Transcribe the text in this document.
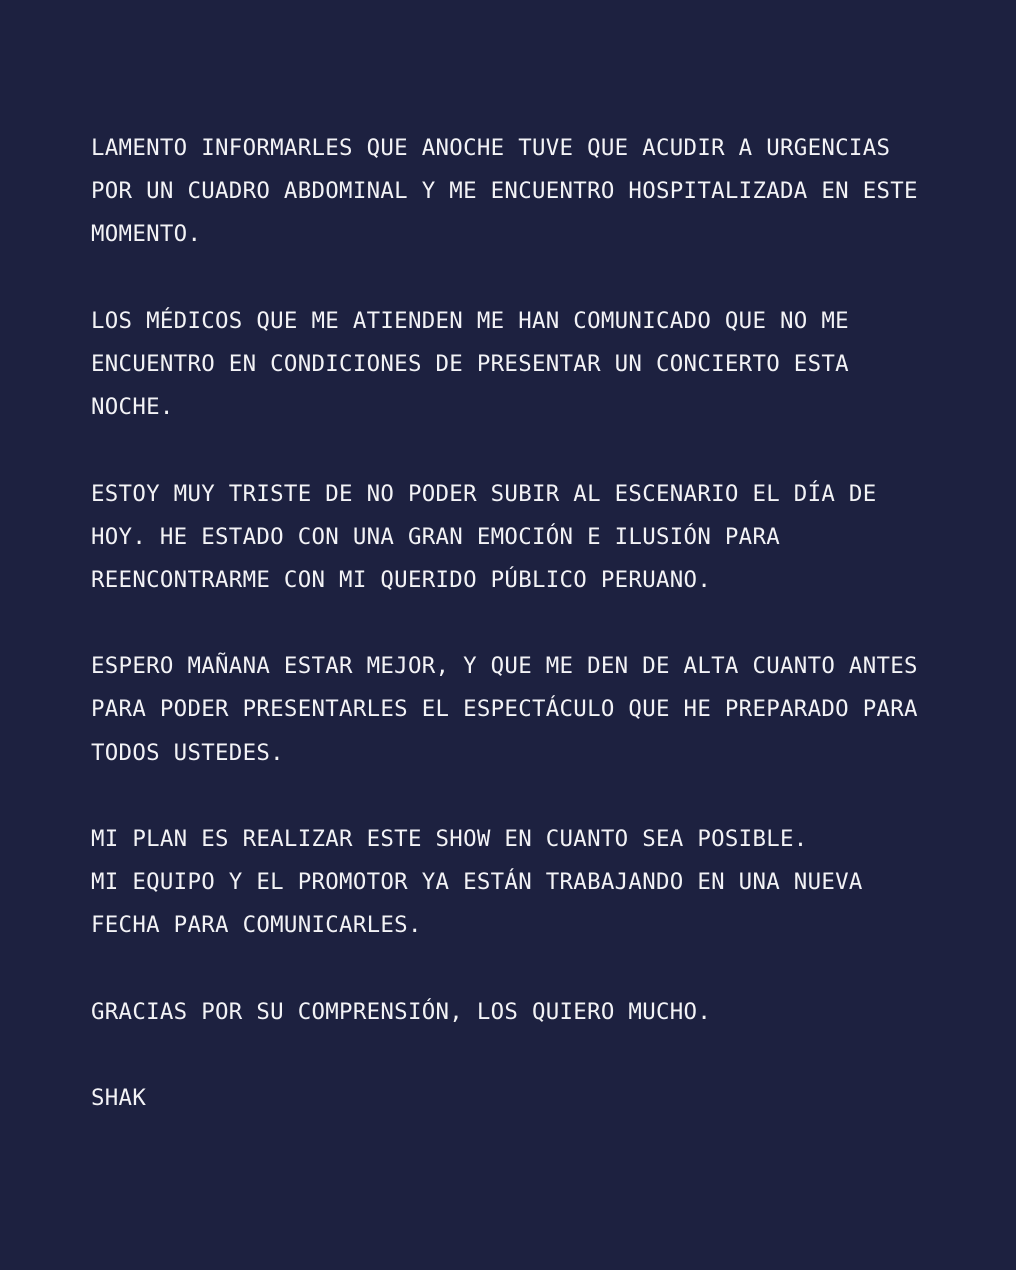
LAMENTO INFORMARLES QUE ANOCHE TUVE QUE ACUDIR A URGENCIAS
POR UN CUADRO ABDOMINAL Y ME ENCUENTRO HOSPITALIZADA EN ESTE
MOMENTO.
LOS MÉDICOS QUE ME ATIENDEN ME HAN COMUNICADO QUE NO ME
ENCUENTRO EN CONDICIONES DE PRESENTAR UN CONCIERTO ESTA
NOCHE.
ESTOY MUY TRISTE DE NO PODER SUBIR AL ESCENARIO EL DÍA DE
HOY. HE ESTADO CON UNA GRAN EMOCIÓN E ILUSIÓN PARA
REENCONTRARME CON MI QUERIDO PÚBLICO PERUANO.
ESPERO MAÑANA ESTAR MEJOR, Y QUE ME DEN DE ALTA CUANTO ANTES
PARA PODER PRESENTARLES EL ESPECTÁCULO QUE HE PREPARADO PARA
TODOS USTEDES.
MI PLAN ES REALIZAR ESTE SHOW EN CUANTO SEA POSIBLE.
MI EQUIPO Y EL PROMOTOR YA ESTÁN TRABAJANDO EN UNA NUEVA
FECHA PARA COMUNICARLES.
GRACIAS POR SU COMPRENSIÓN, LOS QUIERO MUCHO.
SHAK
